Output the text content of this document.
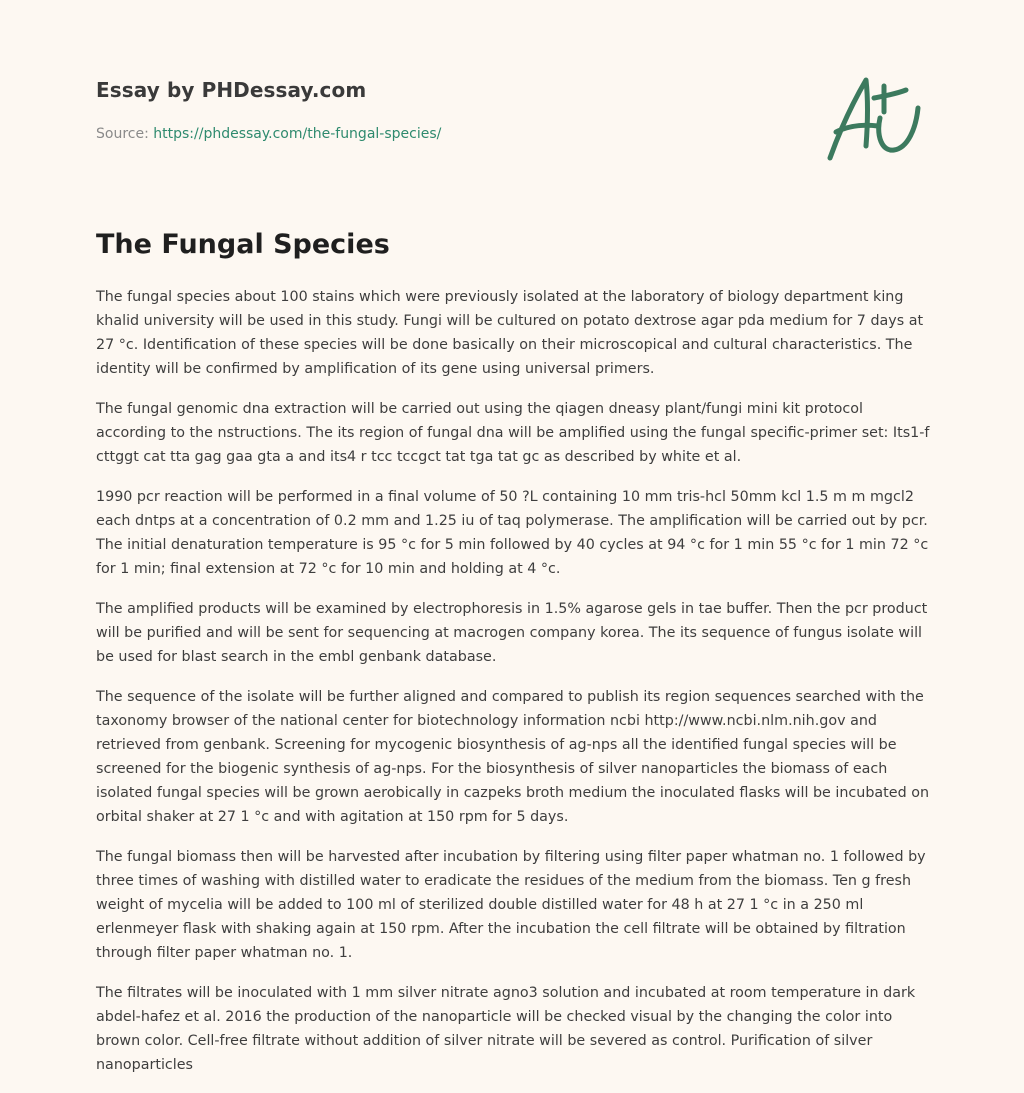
Essay by PHDessay.com
Source: https://phdessay.com/the-fungal-species/
The Fungal Species

The fungal species about 100 stains which were previously isolated at the laboratory of biology department king khalid university will be used in this study. Fungi will be cultured on potato dextrose agar pda medium for 7 days at 27 °c. Identification of these species will be done basically on their microscopical and cultural characteristics. The identity will be confirmed by amplification of its gene using universal primers.

The fungal genomic dna extraction will be carried out using the qiagen dneasy plant/fungi mini kit protocol according to the nstructions. The its region of fungal dna will be amplified using the fungal specific-primer set: Its1-f cttggt cat tta gag gaa gta a and its4 r tcc tccgct tat tga tat gc as described by white et al.

1990 pcr reaction will be performed in a final volume of 50 ?L containing 10 mm tris-hcl 50mm kcl 1.5 m m mgcl2 each dntps at a concentration of 0.2 mm and 1.25 iu of taq polymerase. The amplification will be carried out by pcr. The initial denaturation temperature is 95 °c for 5 min followed by 40 cycles at 94 °c for 1 min 55 °c for 1 min 72 °c for 1 min; final extension at 72 °c for 10 min and holding at 4 °c.

The amplified products will be examined by electrophoresis in 1.5% agarose gels in tae buffer. Then the pcr product will be purified and will be sent for sequencing at macrogen company korea. The its sequence of fungus isolate will be used for blast search in the embl genbank database.

The sequence of the isolate will be further aligned and compared to publish its region sequences searched with the taxonomy browser of the national center for biotechnology information ncbi http://www.ncbi.nlm.nih.gov and retrieved from genbank. Screening for mycogenic biosynthesis of ag-nps all the identified fungal species will be screened for the biogenic synthesis of ag-nps. For the biosynthesis of silver nanoparticles the biomass of each isolated fungal species will be grown aerobically in cazpeks broth medium the inoculated flasks will be incubated on orbital shaker at 27 1 °c and with agitation at 150 rpm for 5 days.

The fungal biomass then will be harvested after incubation by filtering using filter paper whatman no. 1 followed by three times of washing with distilled water to eradicate the residues of the medium from the biomass. Ten g fresh weight of mycelia will be added to 100 ml of sterilized double distilled water for 48 h at 27 1 °c in a 250 ml erlenmeyer flask with shaking again at 150 rpm. After the incubation the cell filtrate will be obtained by filtration through filter paper whatman no. 1.

The filtrates will be inoculated with 1 mm silver nitrate agno3 solution and incubated at room temperature in dark abdel-hafez et al. 2016 the production of the nanoparticle will be checked visual by the changing the color into brown color. Cell-free filtrate without addition of silver nitrate will be severed as control. Purification of silver nanoparticles
